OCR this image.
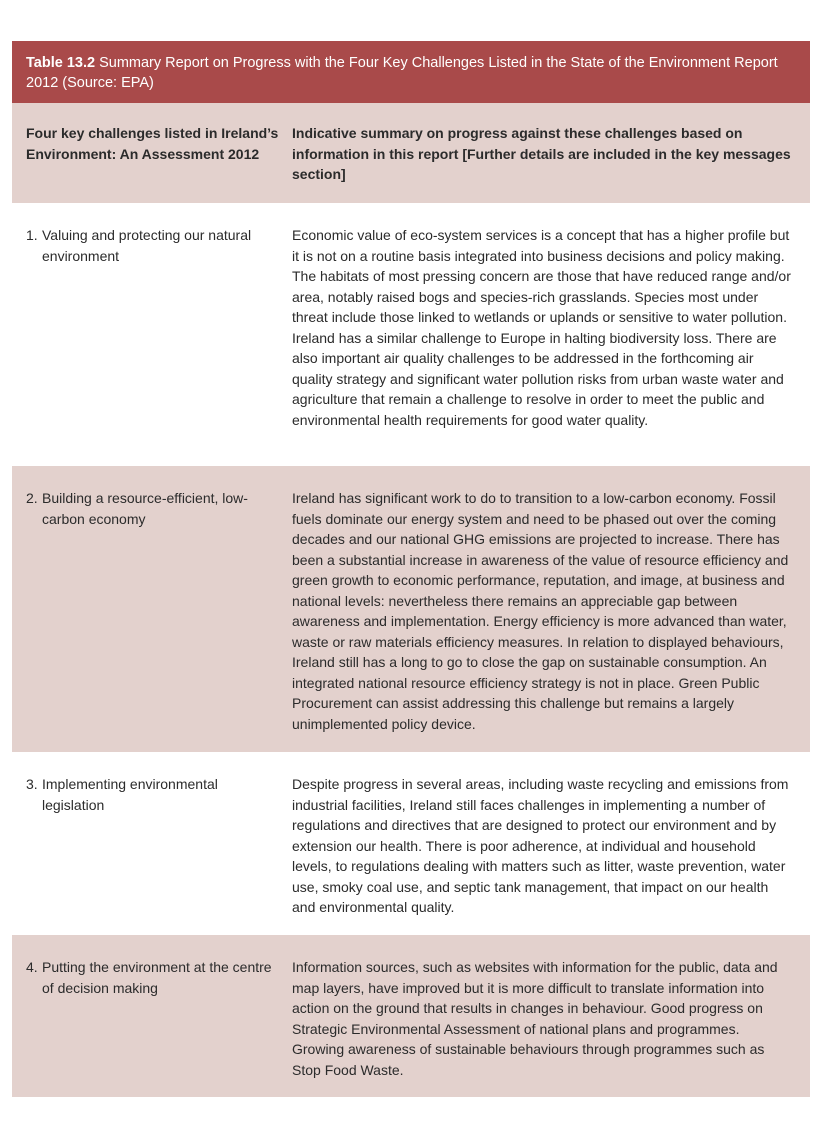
Table 13.2 Summary Report on Progress with the Four Key Challenges Listed in the State of the Environment Report 2012 (Source: EPA)
Four key challenges listed in Ireland’s Environment: An Assessment 2012
Indicative summary on progress against these challenges based on information in this report [Further details are included in the key messages section]
1. Valuing and protecting our natural environment
Economic value of eco-system services is a concept that has a higher profile but it is not on a routine basis integrated into business decisions and policy making. The habitats of most pressing concern are those that have reduced range and/or area, notably raised bogs and species-rich grasslands. Species most under threat include those linked to wetlands or uplands or sensitive to water pollution. Ireland has a similar challenge to Europe in halting biodiversity loss. There are also important air quality challenges to be addressed in the forthcoming air quality strategy and significant water pollution risks from urban waste water and agriculture that remain a challenge to resolve in order to meet the public and environmental health requirements for good water quality.
2. Building a resource-efficient, low-carbon economy
Ireland has significant work to do to transition to a low-carbon economy. Fossil fuels dominate our energy system and need to be phased out over the coming decades and our national GHG emissions are projected to increase. There has been a substantial increase in awareness of the value of resource efficiency and green growth to economic performance, reputation, and image, at business and national levels: nevertheless there remains an appreciable gap between awareness and implementation. Energy efficiency is more advanced than water, waste or raw materials efficiency measures. In relation to displayed behaviours, Ireland still has a long to go to close the gap on sustainable consumption. An integrated national resource efficiency strategy is not in place. Green Public Procurement can assist addressing this challenge but remains a largely unimplemented policy device.
3. Implementing environmental legislation
Despite progress in several areas, including waste recycling and emissions from industrial facilities, Ireland still faces challenges in implementing a number of regulations and directives that are designed to protect our environment and by extension our health. There is poor adherence, at individual and household levels, to regulations dealing with matters such as litter, waste prevention, water use, smoky coal use, and septic tank management, that impact on our health and environmental quality.
4. Putting the environment at the centre of decision making
Information sources, such as websites with information for the public, data and map layers, have improved but it is more difficult to translate information into action on the ground that results in changes in behaviour. Good progress on Strategic Environmental Assessment of national plans and programmes. Growing awareness of sustainable behaviours through programmes such as Stop Food Waste.
